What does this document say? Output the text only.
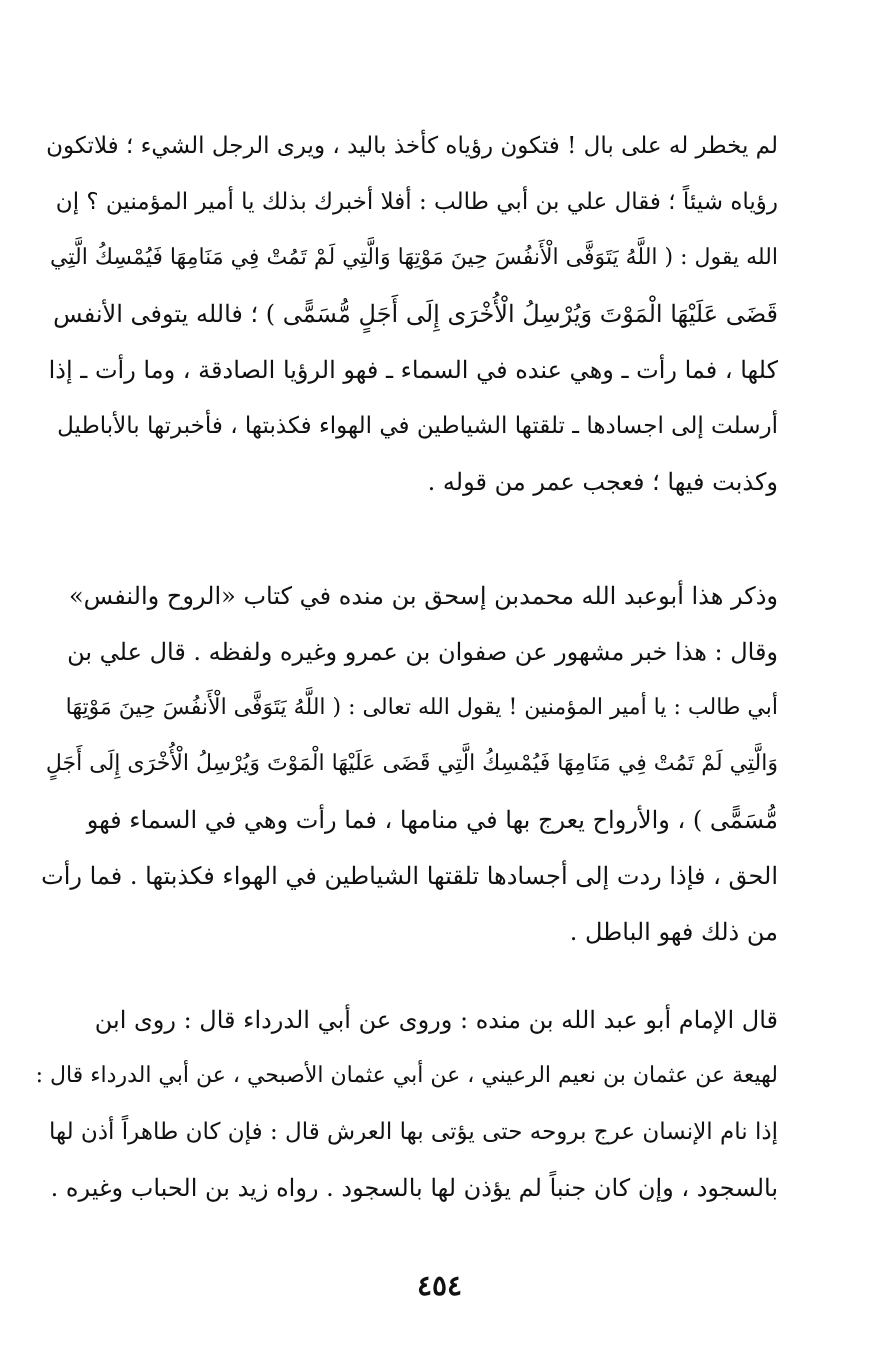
لم يخطر له على بال ! فتكون رؤياه كأخذ باليد ، ويرى الرجل الشيء ؛ فلاتكون
رؤياه شيئاً ؛ فقال علي بن أبي طالب : أفلا أخبرك بذلك يا أمير المؤمنين ؟ إن
الله يقول : ( اللَّهُ يَتَوَفَّى الْأَنفُسَ حِينَ مَوْتِهَا وَالَّتِي لَمْ تَمُتْ فِي مَنَامِهَا فَيُمْسِكُ الَّتِي
قَضَى عَلَيْهَا الْمَوْتَ وَيُرْسِلُ الْأُخْرَى إِلَى أَجَلٍ مُّسَمًّى ) ؛ فالله يتوفى الأنفس
كلها ، فما رأت ـ وهي عنده في السماء ـ فهو الرؤيا الصادقة ، وما رأت ـ إذا
أرسلت إلى اجسادها ـ تلقتها الشياطين في الهواء فكذبتها ، فأخبرتها بالأباطيل
وكذبت فيها ؛ فعجب عمر من قوله .
وذكر هذا أبوعبد الله محمدبن إسحق بن منده في كتاب «الروح والنفس»
وقال : هذا خبر مشهور عن صفوان بن عمرو وغيره ولفظه . قال علي بن
أبي طالب : يا أمير المؤمنين ! يقول الله تعالى : ( اللَّهُ يَتَوَفَّى الْأَنفُسَ حِينَ مَوْتِهَا
وَالَّتِي لَمْ تَمُتْ فِي مَنَامِهَا فَيُمْسِكُ الَّتِي قَضَى عَلَيْهَا الْمَوْتَ وَيُرْسِلُ الْأُخْرَى إِلَى أَجَلٍ
مُّسَمًّى ) ، والأرواح يعرج بها في منامها ، فما رأت وهي في السماء فهو
الحق ، فإذا ردت إلى أجسادها تلقتها الشياطين في الهواء فكذبتها . فما رأت
من ذلك فهو الباطل .
قال الإمام أبو عبد الله بن منده : وروى عن أبي الدرداء قال : روى ابن
لهيعة عن عثمان بن نعيم الرعيني ، عن أبي عثمان الأصبحي ، عن أبي الدرداء قال :
إذا نام الإنسان عرج بروحه حتى يؤتى بها العرش قال : فإن كان طاهراً أذن لها
بالسجود ، وإن كان جنباً لم يؤذن لها بالسجود . رواه زيد بن الحباب وغيره .
٤٥٤
